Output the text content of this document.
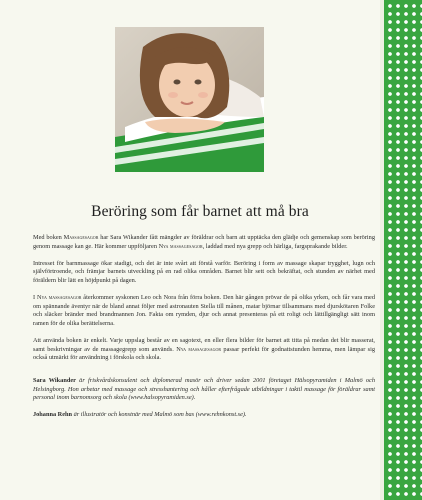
Beröring som får barnet att må bra

Med boken Massagesagor har Sara Wikander fått mängder av föräldrar och barn att upptäcka den glädje och gemenskap som beröring genom massage kan ge. Här kommer uppföljaren Nya massagesagor, laddad med nya grepp och härliga, fargsprakande bilder.

Intresset för barnmassage ökar stadigt, och det är inte svårt att förstå varför. Beröring i form av massage skapar trygghet, lugn och självförtroende, och främjar barnets utveckling på en rad olika områden. Barnet blir sett och bekräftat, och stunden av närhet med föräldern blir lätt en höjdpunkt på dagen.

I Nya massagesagor återkommer syskonen Leo och Nora från förra boken. Den här gången prövar de på olika yrken, och får vara med om spännande äventyr när de bland annat följer med astronauten Stella till månen, matar björnar tillsammans med djurskötaren Folke och släcker bränder med brandmannen Jon. Fakta om rymden, djur och annat presenteras på ett roligt och lättillgängligt sätt inom ramen för de olika berättelserna.

Att använda boken är enkelt. Varje uppslag består av en sagotext, en eller flera bilder för barnet att titta på medan det blir masserat, samt beskrivningar av de massagegrepp som används. Nya massagesagor passar perfekt för godnattstunden hemma, men lämpar sig också utmärkt för användning i förskola och skola.

Sara Wikander är friskvårdskonsulent och diplomerad masör och driver sedan 2001 företaget Hälsopyramiden i Malmö och Helsingborg. Hon arbetar med massage och stresshantering och håller efterfrågade utbildningar i taktil massage för föräldrar samt personal inom barnomsorg och skola (www.halsopyramiden.se).

Johanna Rehn är illustratör och konstnär med Malmö som bas (www.rehnkonst.se).
